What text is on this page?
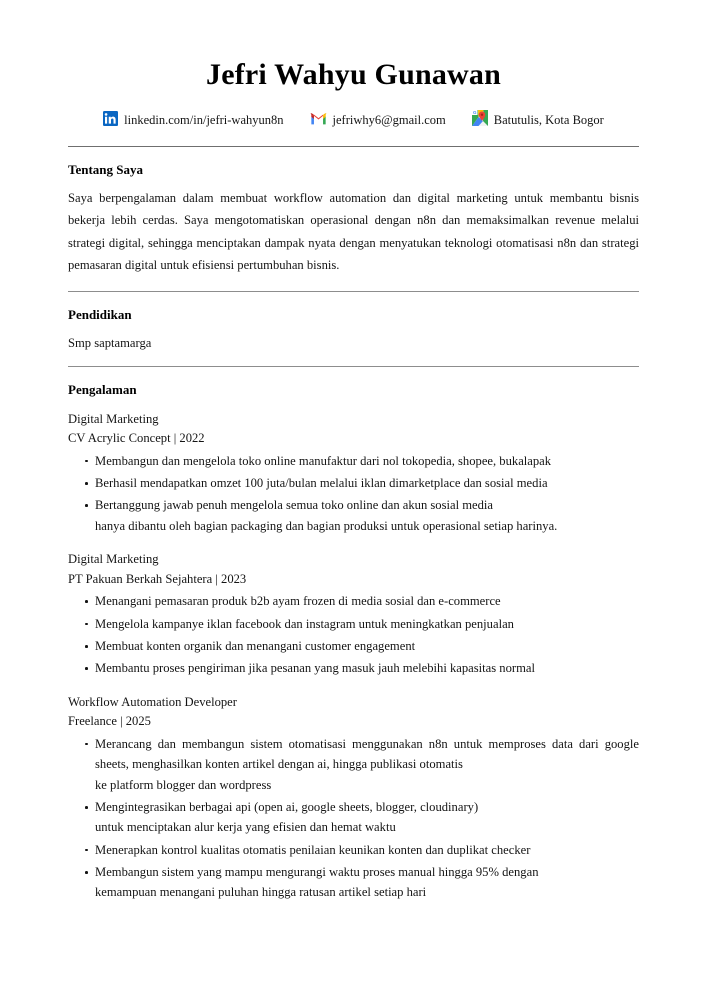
Jefri Wahyu Gunawan
linkedin.com/in/jefri-wahyun8n	jefriwhy6@gmail.com
G
Batutulis, Kota Bogor
Tentang Saya
Saya berpengalaman dalam membuat workflow automation dan digital marketing untuk membantu bisnis bekerja lebih cerdas. Saya mengotomatiskan operasional dengan n8n dan memaksimalkan revenue melalui strategi digital, sehingga menciptakan dampak nyata dengan menyatukan teknologi otomatisasi n8n dan strategi pemasaran digital untuk efisiensi pertumbuhan bisnis.
Pendidikan
Smp saptamarga
Pengalaman
Digital Marketing
CV Acrylic Concept | 2022
Membangun dan mengelola toko online manufaktur dari nol tokopedia, shopee, bukalapak
Berhasil mendapatkan omzet 100 juta/bulan melalui iklan dimarketplace dan sosial media
Bertanggung jawab penuh mengelola semua toko online dan akun sosial media
hanya dibantu oleh bagian packaging dan bagian produksi untuk operasional setiap harinya.
Digital Marketing
PT Pakuan Berkah Sejahtera | 2023
Menangani pemasaran produk b2b ayam frozen di media sosial dan e-commerce
Mengelola kampanye iklan facebook dan instagram untuk meningkatkan penjualan
Membuat konten organik dan menangani customer engagement
Membantu proses pengiriman jika pesanan yang masuk jauh melebihi kapasitas normal
Workflow Automation Developer
Freelance | 2025
Merancang dan membangun sistem otomatisasi menggunakan n8n untuk memproses data dari google sheets, menghasilkan konten artikel dengan ai, hingga publikasi otomatis
ke platform blogger dan wordpress
Mengintegrasikan berbagai api (open ai, google sheets, blogger, cloudinary)
untuk menciptakan alur kerja yang efisien dan hemat waktu
Menerapkan kontrol kualitas otomatis penilaian keunikan konten dan duplikat checker
Membangun sistem yang mampu mengurangi waktu proses manual hingga 95% dengan
kemampuan menangani puluhan hingga ratusan artikel setiap hari
